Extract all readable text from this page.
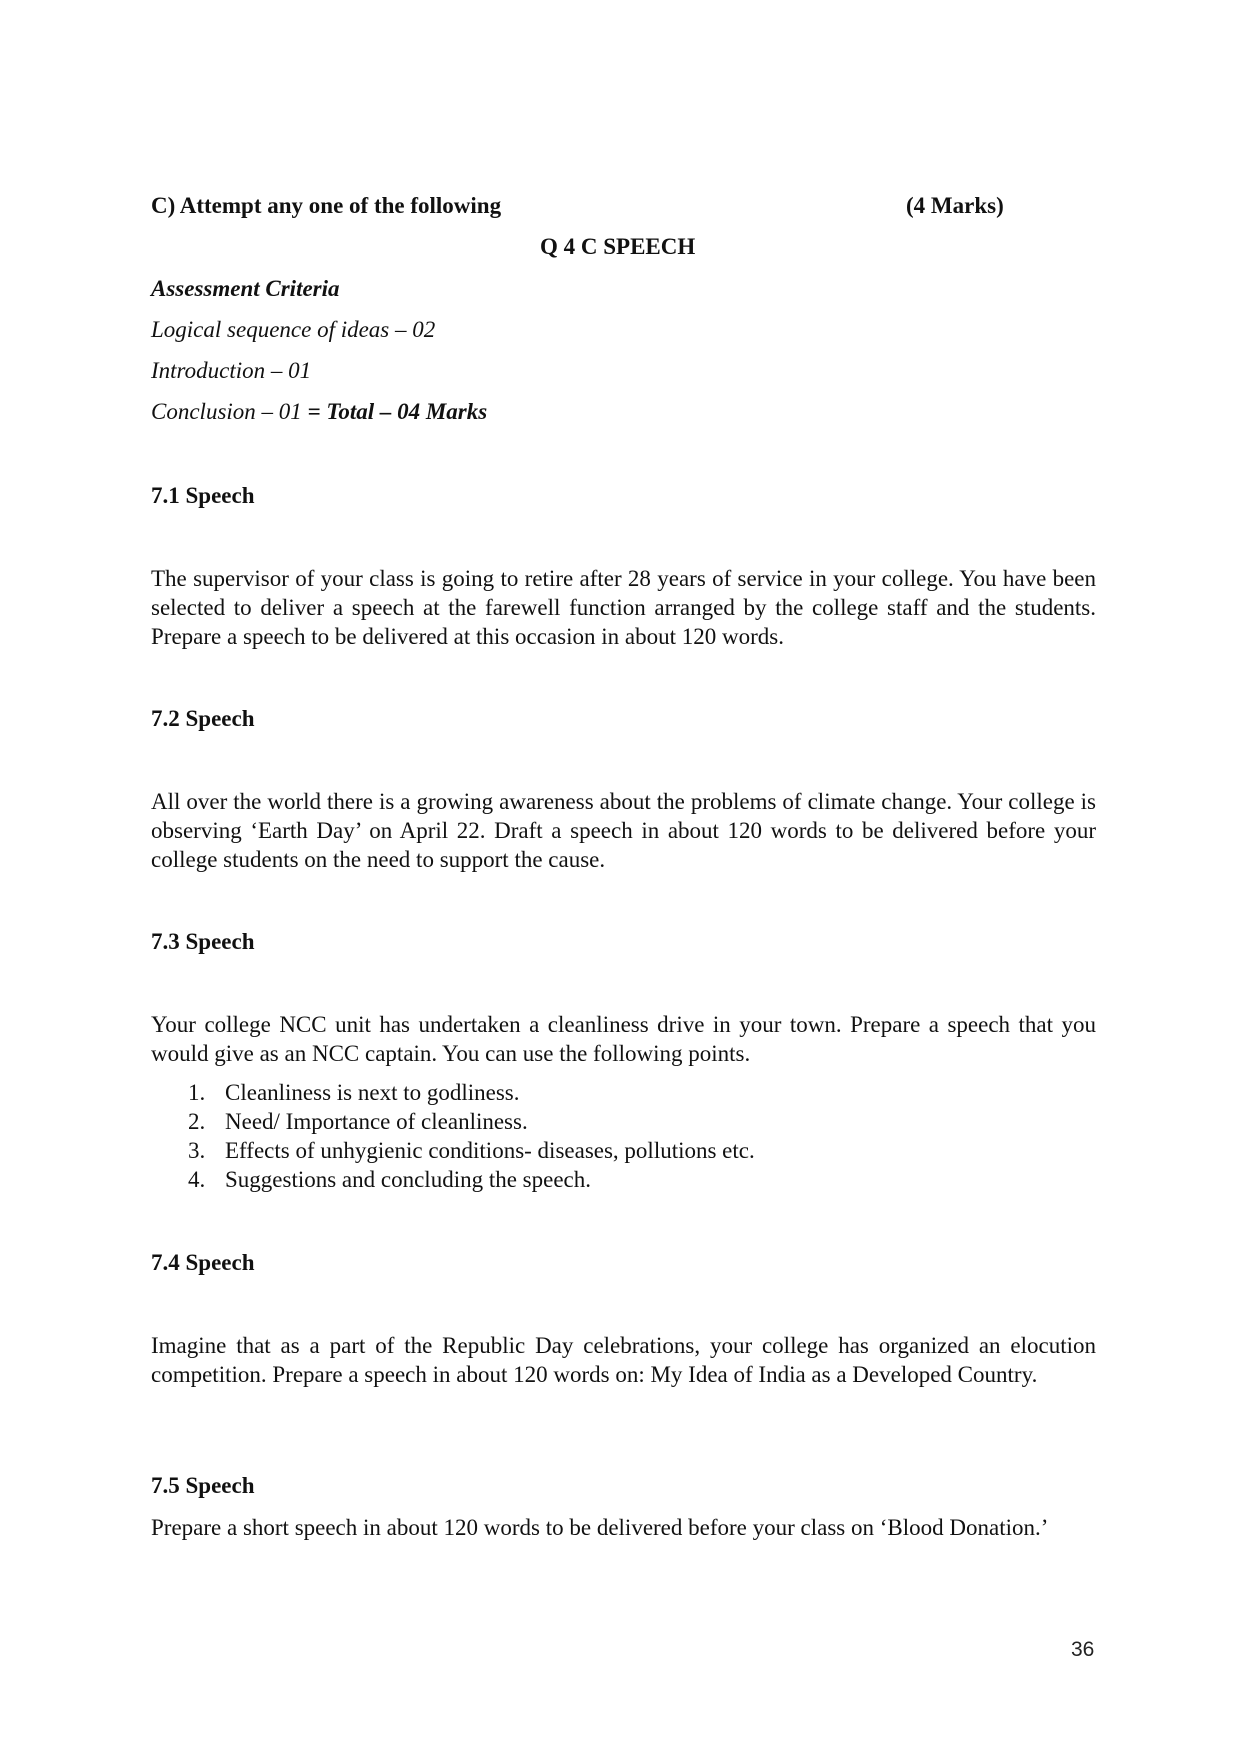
C) Attempt any one of the following	(4 Marks)
Q 4 C SPEECH
Assessment Criteria
Logical sequence of ideas – 02
Introduction – 01
Conclusion – 01 = Total – 04 Marks
7.1 Speech
The supervisor of your class is going to retire after 28 years of service in your college. You have been selected to deliver a speech at the farewell function arranged by the college staff and the students. Prepare a speech to be delivered at this occasion in about 120 words.
7.2 Speech
All over the world there is a growing awareness about the problems of climate change. Your college is observing ‘Earth Day’ on April 22. Draft a speech in about 120 words to be delivered before your college students on the need to support the cause.
7.3 Speech
Your college NCC unit has undertaken a cleanliness drive in your town. Prepare a speech that you would give as an NCC captain. You can use the following points.
1. Cleanliness is next to godliness.
2. Need/ Importance of cleanliness.
3. Effects of unhygienic conditions- diseases, pollutions etc.
4. Suggestions and concluding the speech.
7.4 Speech
Imagine that as a part of the Republic Day celebrations, your college has organized an elocution competition. Prepare a speech in about 120 words on: My Idea of India as a Developed Country.
7.5 Speech
Prepare a short speech in about 120 words to be delivered before your class on ‘Blood Donation.’
36
